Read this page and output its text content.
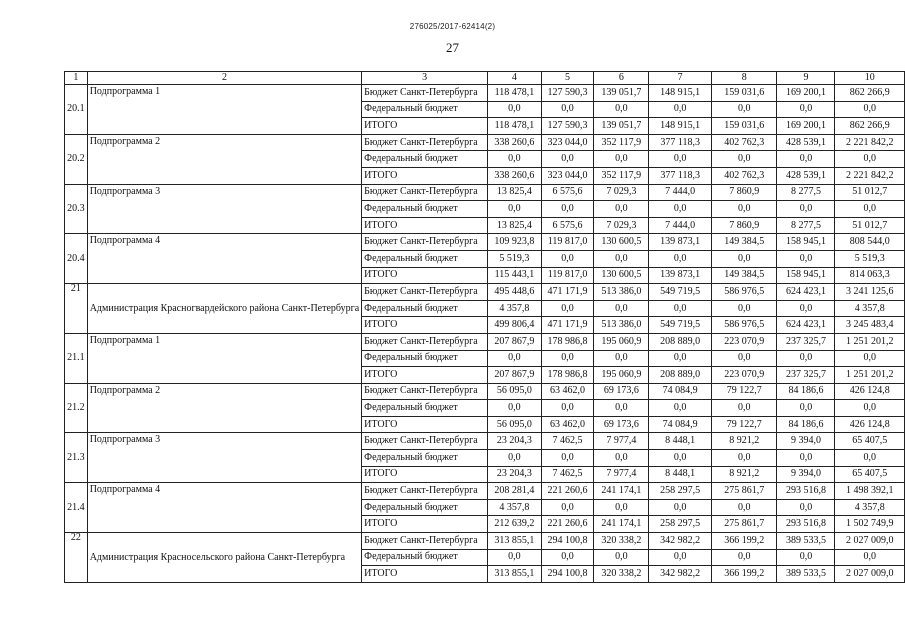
276025/2017-62414(2)
27
1	2	3	4	5	6	7	8	9	10
20.1	Подпрограмма 1	Бюджет Санкт-Петербурга	118 478,1	127 590,3	139 051,7	148 915,1	159 031,6	169 200,1	862 266,9
		Федеральный бюджет	0,0	0,0	0,0	0,0	0,0	0,0	0,0
		ИТОГО	118 478,1	127 590,3	139 051,7	148 915,1	159 031,6	169 200,1	862 266,9
20.2	Подпрограмма 2	Бюджет Санкт-Петербурга	338 260,6	323 044,0	352 117,9	377 118,3	402 762,3	428 539,1	2 221 842,2
		Федеральный бюджет	0,0	0,0	0,0	0,0	0,0	0,0	0,0
		ИТОГО	338 260,6	323 044,0	352 117,9	377 118,3	402 762,3	428 539,1	2 221 842,2
20.3	Подпрограмма 3	Бюджет Санкт-Петербурга	13 825,4	6 575,6	7 029,3	7 444,0	7 860,9	8 277,5	51 012,7
		Федеральный бюджет	0,0	0,0	0,0	0,0	0,0	0,0	0,0
		ИТОГО	13 825,4	6 575,6	7 029,3	7 444,0	7 860,9	8 277,5	51 012,7
20.4	Подпрограмма 4	Бюджет Санкт-Петербурга	109 923,8	119 817,0	130 600,5	139 873,1	149 384,5	158 945,1	808 544,0
		Федеральный бюджет	5 519,3	0,0	0,0	0,0	0,0	0,0	5 519,3
		ИТОГО	115 443,1	119 817,0	130 600,5	139 873,1	149 384,5	158 945,1	814 063,3
21	Администрация Красногвардейского района Санкт-Петербурга	Бюджет Санкт-Петербурга	495 448,6	471 171,9	513 386,0	549 719,5	586 976,5	624 423,1	3 241 125,6
		Федеральный бюджет	4 357,8	0,0	0,0	0,0	0,0	0,0	4 357,8
		ИТОГО	499 806,4	471 171,9	513 386,0	549 719,5	586 976,5	624 423,1	3 245 483,4
21.1	Подпрограмма 1	Бюджет Санкт-Петербурга	207 867,9	178 986,8	195 060,9	208 889,0	223 070,9	237 325,7	1 251 201,2
		Федеральный бюджет	0,0	0,0	0,0	0,0	0,0	0,0	0,0
		ИТОГО	207 867,9	178 986,8	195 060,9	208 889,0	223 070,9	237 325,7	1 251 201,2
21.2	Подпрограмма 2	Бюджет Санкт-Петербурга	56 095,0	63 462,0	69 173,6	74 084,9	79 122,7	84 186,6	426 124,8
		Федеральный бюджет	0,0	0,0	0,0	0,0	0,0	0,0	0,0
		ИТОГО	56 095,0	63 462,0	69 173,6	74 084,9	79 122,7	84 186,6	426 124,8
21.3	Подпрограмма 3	Бюджет Санкт-Петербурга	23 204,3	7 462,5	7 977,4	8 448,1	8 921,2	9 394,0	65 407,5
		Федеральный бюджет	0,0	0,0	0,0	0,0	0,0	0,0	0,0
		ИТОГО	23 204,3	7 462,5	7 977,4	8 448,1	8 921,2	9 394,0	65 407,5
21.4	Подпрограмма 4	Бюджет Санкт-Петербурга	208 281,4	221 260,6	241 174,1	258 297,5	275 861,7	293 516,8	1 498 392,1
		Федеральный бюджет	4 357,8	0,0	0,0	0,0	0,0	0,0	4 357,8
		ИТОГО	212 639,2	221 260,6	241 174,1	258 297,5	275 861,7	293 516,8	1 502 749,9
22	Администрация Красносельского района Санкт-Петербурга	Бюджет Санкт-Петербурга	313 855,1	294 100,8	320 338,2	342 982,2	366 199,2	389 533,5	2 027 009,0
		Федеральный бюджет	0,0	0,0	0,0	0,0	0,0	0,0	0,0
		ИТОГО	313 855,1	294 100,8	320 338,2	342 982,2	366 199,2	389 533,5	2 027 009,0
